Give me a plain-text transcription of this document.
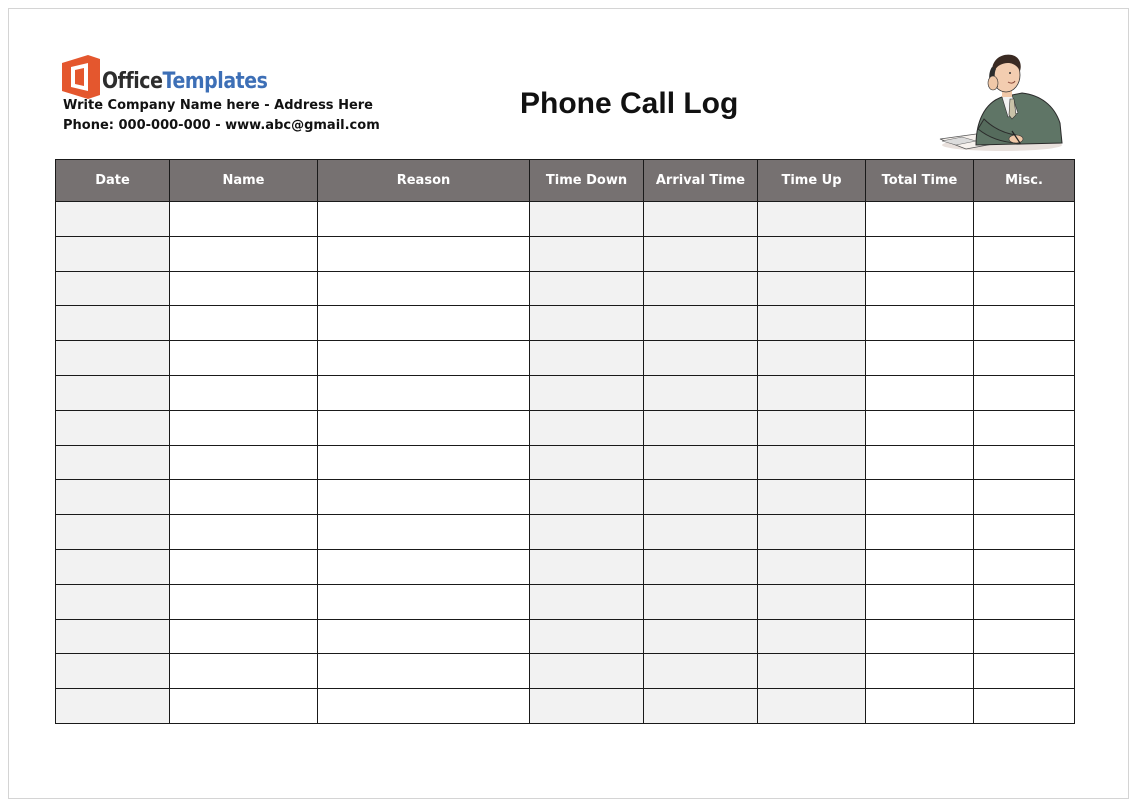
OfficeTemplates
Write Company Name here - Address Here
Phone: 000-000-000 - www.abc@gmail.com
Phone Call Log
Date	Name	Reason	Time Down	Arrival Time	Time Up	Total Time	Misc.
